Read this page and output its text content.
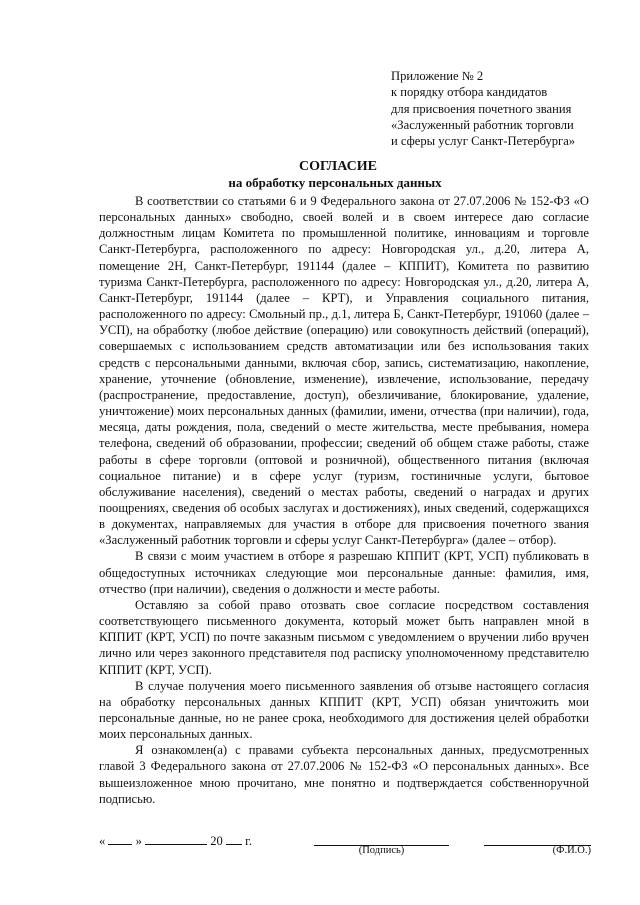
Приложение № 2
к порядку отбора кандидатов
для присвоения почетного звания
«Заслуженный работник торговли
и сферы услуг Санкт-Петербурга»
СОГЛАСИЕ
на обработку персональных данных

В соответствии со статьями 6 и 9 Федерального закона от 27.07.2006 № 152-ФЗ «О персональных данных» свободно, своей волей и в своем интересе даю согласие должностным лицам Комитета по промышленной политике, инновациям и торговле Санкт-Петербурга, расположенного по адресу: Новгородская ул., д.20, литера А, помещение 2Н, Санкт-Петербург, 191144 (далее – КППИТ), Комитета по развитию туризма Санкт-Петербурга, расположенного по адресу: Новгородская ул., д.20, литера А, Санкт-Петербург, 191144 (далее – КРТ), и Управления социального питания, расположенного по адресу: Смольный пр., д.1, литера Б, Санкт-Петербург, 191060 (далее – УСП), на обработку (любое действие (операцию) или совокупность действий (операций), совершаемых с использованием средств автоматизации или без использования таких средств с персональными данными, включая сбор, запись, систематизацию, накопление, хранение, уточнение (обновление, изменение), извлечение, использование, передачу (распространение, предоставление, доступ), обезличивание, блокирование, удаление, уничтожение) моих персональных данных (фамилии, имени, отчества (при наличии), года, месяца, даты рождения, пола, сведений о месте жительства, месте пребывания, номера телефона, сведений об образовании, профессии; сведений об общем стаже работы, стаже работы в сфере торговли (оптовой и розничной), общественного питания (включая социальное питание) и в сфере услуг (туризм, гостиничные услуги, бытовое обслуживание населения), сведений о местах работы, сведений о наградах и других поощрениях, сведения об особых заслугах и достижениях), иных сведений, содержащихся в документах, направляемых для участия в отборе для присвоения почетного звания «Заслуженный работник торговли и сферы услуг Санкт-Петербурга» (далее – отбор).

В связи с моим участием в отборе я разрешаю КППИТ (КРТ, УСП) публиковать в общедоступных источниках следующие мои персональные данные: фамилия, имя, отчество (при наличии), сведения о должности и месте работы.

Оставляю за собой право отозвать свое согласие посредством составления соответствующего письменного документа, который может быть направлен мной в КППИТ (КРТ, УСП) по почте заказным письмом с уведомлением о вручении либо вручен лично или через законного представителя под расписку уполномоченному представителю КППИТ (КРТ, УСП).

В случае получения моего письменного заявления об отзыве настоящего согласия на обработку персональных данных КППИТ (КРТ, УСП) обязан уничтожить мои персональные данные, но не ранее срока, необходимого для достижения целей обработки моих персональных данных.

Я ознакомлен(а) с правами субъекта персональных данных, предусмотренных главой 3 Федерального закона от 27.07.2006 № 152-ФЗ «О персональных данных». Все вышеизложенное мною прочитано, мне понятно и подтверждается собственноручной подписью.

« »	20 г.
(Подпись)	(Ф.И.О.)
